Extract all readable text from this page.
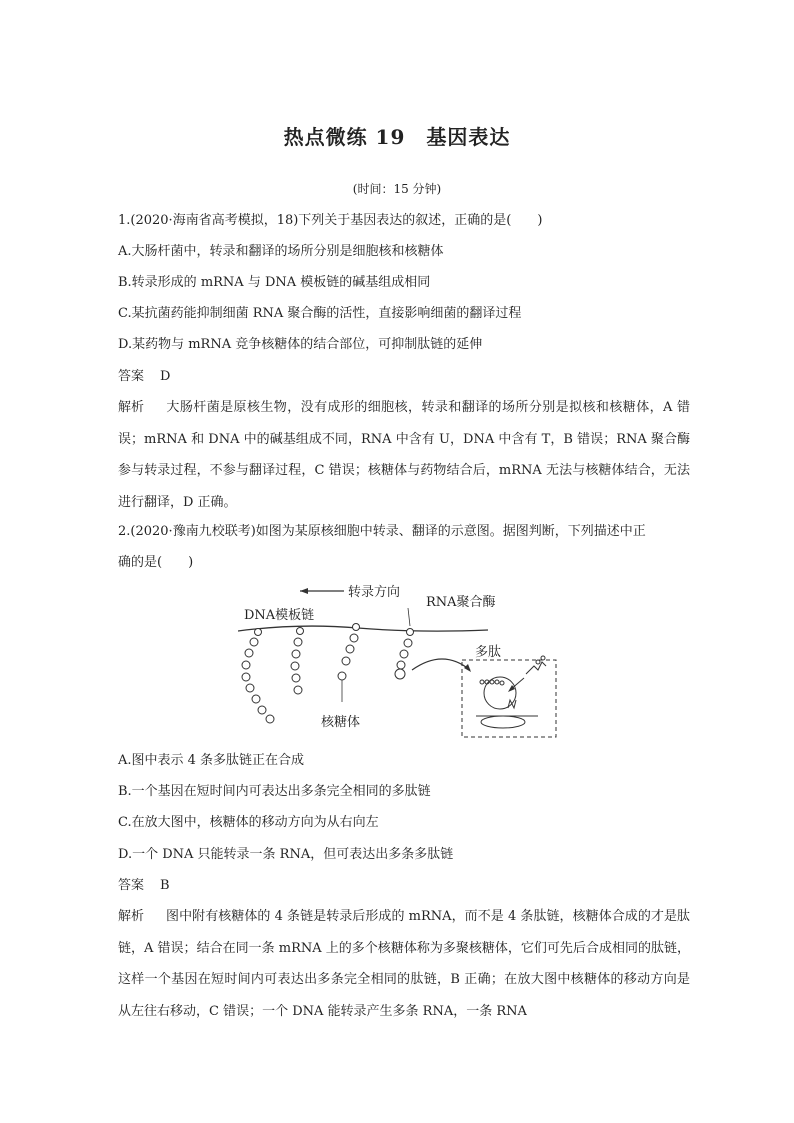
热点微练 19　基因表达
(时间：15 分钟)
1.(2020·海南省高考模拟，18)下列关于基因表达的叙述，正确的是(　　)
A.大肠杆菌中，转录和翻译的场所分别是细胞核和核糖体
B.转录形成的 mRNA 与 DNA 模板链的碱基组成相同
C.某抗菌药能抑制细菌 RNA 聚合酶的活性，直接影响细菌的翻译过程
D.某药物与 mRNA 竞争核糖体的结合部位，可抑制肽链的延伸
答案 D
解析 大肠杆菌是原核生物，没有成形的细胞核，转录和翻译的场所分别是拟核和核糖体，A 错误；mRNA 和 DNA 中的碱基组成不同，RNA 中含有 U，DNA 中含有 T，B 错误；RNA 聚合酶参与转录过程，不参与翻译过程，C 错误；核糖体与药物结合后，mRNA 无法与核糖体结合，无法进行翻译，D 正确。
2.(2020·豫南九校联考)如图为某原核细胞中转录、翻译的示意图。据图判断，下列描述中正
确的是(　　)
转录方向
DNA模板链
RNA聚合酶
多肽
核糖体
A.图中表示 4 条多肽链正在合成
B.一个基因在短时间内可表达出多条完全相同的多肽链
C.在放大图中，核糖体的移动方向为从右向左
D.一个 DNA 只能转录一条 RNA，但可表达出多条多肽链
答案 B
解析 图中附有核糖体的 4 条链是转录后形成的 mRNA，而不是 4 条肽链，核糖体合成的才是肽链，A 错误；结合在同一条 mRNA 上的多个核糖体称为多聚核糖体，它们可先后合成相同的肽链，这样一个基因在短时间内可表达出多条完全相同的肽链，B 正确；在放大图中核糖体的移动方向是从左往右移动，C 错误；一个 DNA 能转录产生多条 RNA，一条 RNA
